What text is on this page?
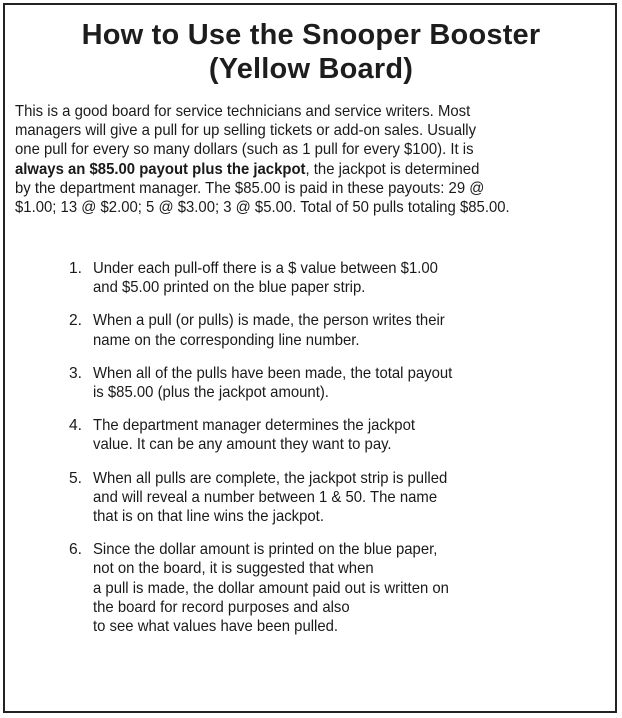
How to Use the Snooper Booster
(Yellow Board)

This is a good board for service technicians and service writers. Most
managers will give a pull for up selling tickets or add-on sales. Usually
one pull for every so many dollars (such as 1 pull for every $100). It is
always an $85.00 payout plus the jackpot, the jackpot is determined
by the department manager. The $85.00 is paid in these payouts: 29 @
$1.00; 13 @ $2.00; 5 @ $3.00; 3 @ $5.00. Total of 50 pulls totaling $85.00.

1. Under each pull-off there is a $ value between $1.00
and $5.00 printed on the blue paper strip.
2. When a pull (or pulls) is made, the person writes their
name on the corresponding line number.
3. When all of the pulls have been made, the total payout
is $85.00 (plus the jackpot amount).
4. The department manager determines the jackpot
value. It can be any amount they want to pay.
5. When all pulls are complete, the jackpot strip is pulled
and will reveal a number between 1 & 50. The name
that is on that line wins the jackpot.
6. Since the dollar amount is printed on the blue paper,
not on the board, it is suggested that when
a pull is made, the dollar amount paid out is written on
the board for record purposes and also
to see what values have been pulled.
